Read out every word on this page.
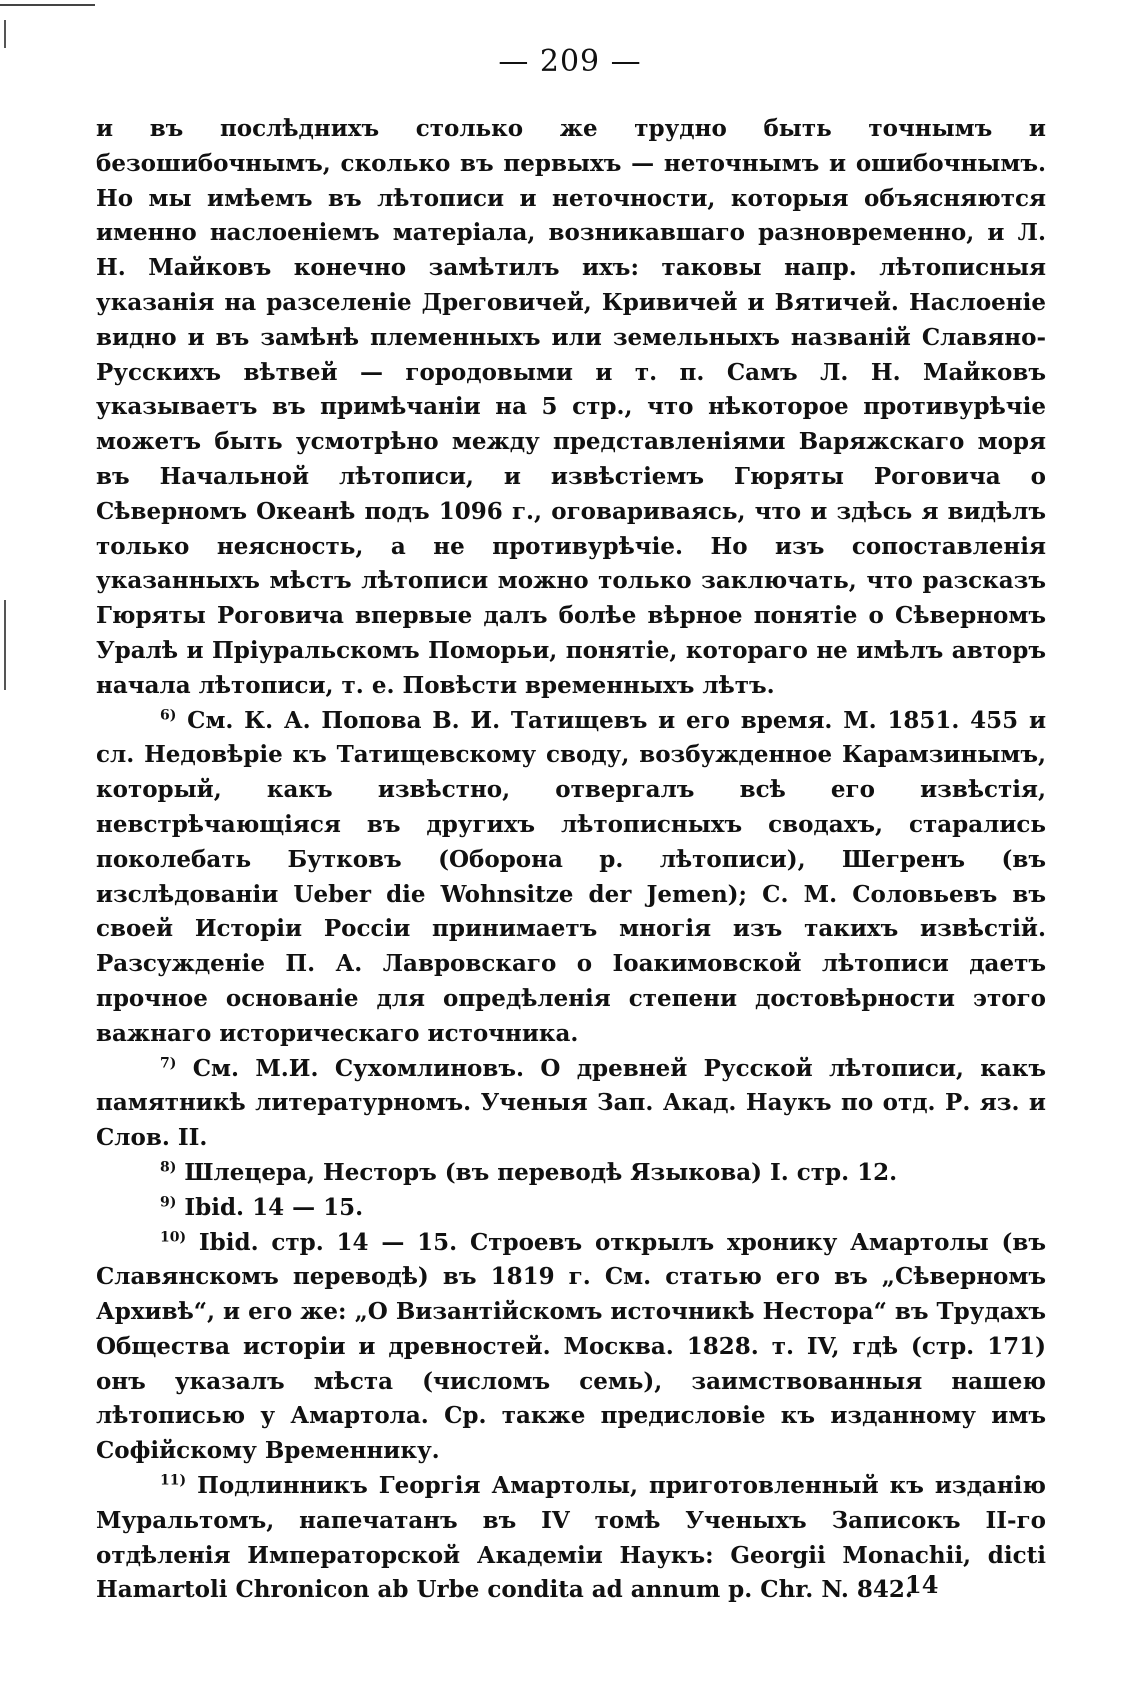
— 209 —

и въ послѣднихъ столько же трудно быть точнымъ и безошибочнымъ, сколько въ первыхъ — неточнымъ и ошибочнымъ. Но мы имѣемъ въ лѣтописи и неточности, которыя объясняются именно наслоеніемъ матеріала, возникавшаго разновременно, и Л. Н. Майковъ конечно замѣтилъ ихъ: таковы напр. лѣтописныя указанія на разселеніе Дреговичей, Кривичей и Вятичей. Наслоеніе видно и въ замѣнѣ племенныхъ или земельныхъ названій Славяно-Русскихъ вѣтвей — городовыми и т. п. Самъ Л. Н. Майковъ указываетъ въ примѣчаніи на 5 стр., что нѣкоторое противурѣчіе можетъ быть усмотрѣно между представленіями Варяжскаго моря въ Начальной лѣтописи, и извѣстіемъ Гюряты Роговича о Сѣверномъ Океанѣ подъ 1096 г., оговариваясь, что и здѣсь я видѣлъ только неясность, а не противурѣчіе. Но изъ сопоставленія указанныхъ мѣстъ лѣтописи можно только заключать, что разсказъ Гюряты Роговича впервые далъ болѣе вѣрное понятіе о Сѣверномъ Уралѣ и Пріуральскомъ Поморьи, понятіе, котораго не имѣлъ авторъ начала лѣтописи, т. е. Повѣсти временныхъ лѣтъ.

$^{6)}$ См. К. А. Попова В. И. Татищевъ и его время. М. 1851. 455 и сл. Недовѣріе къ Татищевскому своду, возбужденное Карамзинымъ, который, какъ извѣстно, отвергалъ всѣ его извѣстія, невстрѣчающіяся въ другихъ лѣтописныхъ сводахъ, старались поколебать Бутковъ (Оборона р. лѣтописи), Шегренъ (въ изслѣдованіи Ueber die Wohnsitze der Jemen); С. М. Соловьевъ въ своей Исторіи Россіи принимаетъ многія изъ такихъ извѣстій. Разсужденіе П. А. Лавровскаго о Іоакимовской лѣтописи даетъ прочное основаніе для опредѣленія степени достовѣрности этого важнаго историческаго источника.

$^{7)}$ См. М.И. Сухомлиновъ. О древней Русской лѣтописи, какъ памятникѣ литературномъ. Ученыя Зап. Акад. Наукъ по отд. Р. яз. и Слов. II.

$^{8)}$ Шлецера, Несторъ (въ переводѣ Языкова) I. стр. 12.

$^{9)}$ Ibid. 14 — 15.

$^{10)}$ Ibid. стр. 14 — 15. Строевъ открылъ хронику Амартолы (въ Славянскомъ переводѣ) въ 1819 г. См. статью его въ „Сѣверномъ Архивѣ“, и его же: „О Византійскомъ источникѣ Нестора“ въ Трудахъ Общества исторіи и древностей. Москва. 1828. т. IV, гдѣ (стр. 171) онъ указалъ мѣста (числомъ семь), заимствованныя нашею лѣтописью у Амартола. Ср. также предисловіе къ изданному имъ Софійскому Временнику.

$^{11)}$ Подлинникъ Георгія Амартолы, приготовленный къ изданію Муральтомъ, напечатанъ въ IV томѣ Ученыхъ Записокъ II-го отдѣленія Императорской Академіи Наукъ: Georgii Monachii, dicti Hamartoli Chronicon ab Urbe condita ad annum p. Chr. N. 842.

14
